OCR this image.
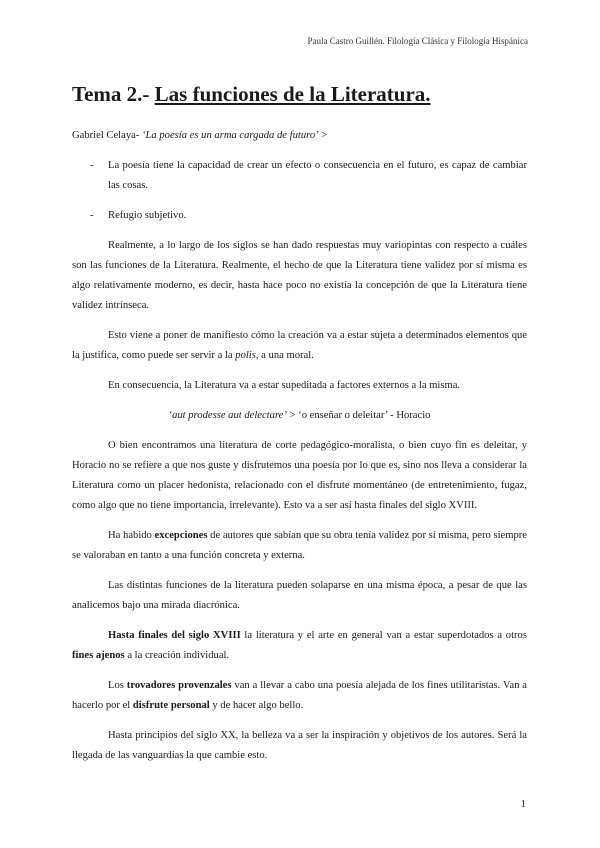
Paula Castro Guillén. Filología Clásica y Filología Hispánica
Tema 2.- Las funciones de la Literatura.

Gabriel Celaya- ‘La poesía es un arma cargada de futuro’ >

- La poesía tiene la capacidad de crear un efecto o consecuencia en el futuro, es capaz de cambiar las cosas.

- Refugio subjetivo.

Realmente, a lo largo de los siglos se han dado respuestas muy variopintas con respecto a cuáles son las funciones de la Literatura. Realmente, el hecho de que la Literatura tiene validez por sí misma es algo relativamente moderno, es decir, hasta hace poco no existía la concepción de que la Literatura tiene validez intrínseca.

Esto viene a poner de manifiesto cómo la creación va a estar sujeta a determinados elementos que la justifica, como puede ser servir a la polis, a una moral.

En consecuencia, la Literatura va a estar supeditada a factores externos a la misma.

‘aut prodesse aut delectare’ > ‘o enseñar o deleitar’ - Horacio

O bien encontramos una literatura de corte pedagógico-moralista, o bien cuyo fin es deleitar, y Horacio no se refiere a que nos guste y disfrutemos una poesía por lo que es, sino nos lleva a considerar la Literatura como un placer hedonista, relacionado con el disfrute momentáneo (de entretenimiento, fugaz, como algo que no tiene importancia, irrelevante). Esto va a ser así hasta finales del siglo XVIII.

Ha habido excepciones de autores que sabían que su obra tenía validez por sí misma, pero siempre se valoraban en tanto a una función concreta y externa.

Las distintas funciones de la literatura pueden solaparse en una misma época, a pesar de que las analicemos bajo una mirada diacrónica.

Hasta finales del siglo XVIII la literatura y el arte en general van a estar superdotados a otros fines ajenos a la creación individual.

Los trovadores provenzales van a llevar a cabo una poesía alejada de los fines utilitaristas. Van a hacerlo por el disfrute personal y de hacer algo bello.

Hasta principios del siglo XX, la belleza va a ser la inspiración y objetivos de los autores. Será la llegada de las vanguardias la que cambie esto.

1
